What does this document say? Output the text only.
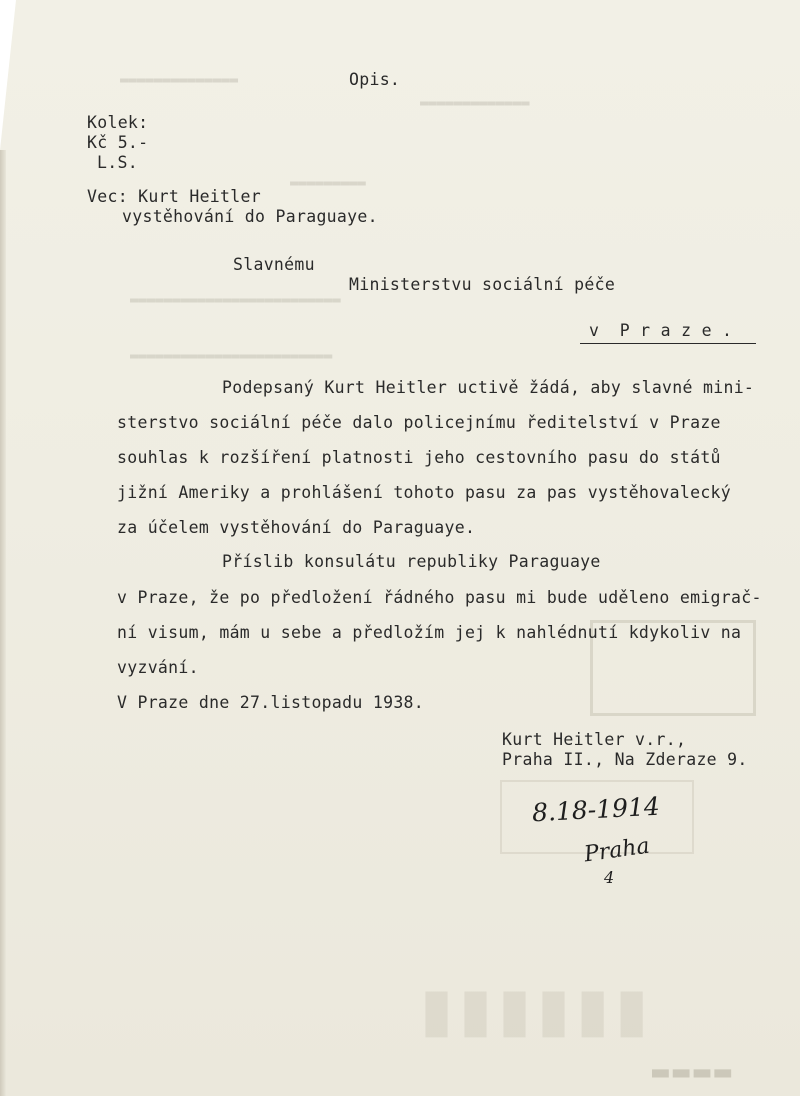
▬▬▬▬▬▬▬▬▬▬▬▬▬▬
▬▬▬▬▬▬▬▬▬▬▬▬▬
▬▬▬▬▬▬▬▬▬
▬▬▬▬▬▬▬▬▬▬▬▬▬▬▬▬▬▬▬▬▬▬▬▬▬
▬▬▬▬▬▬▬▬▬▬▬▬▬▬▬▬▬▬▬▬▬▬▬▬
▮▮▮▮▮▮
▬▬▬▬
Opis.
Kolek:
Kč 5.-
L.S.
Vec: Kurt Heitler
vystěhování do Paraguaye.
Slavnému
Ministerstvu sociální péče
v  P r a z e .
Podepsaný Kurt Heitler uctivě žádá, aby slavné mini-
sterstvo sociální péče dalo policejnímu ředitelství v Praze
souhlas k rozšíření platnosti jeho cestovního pasu do států
jižní Ameriky a prohlášení tohoto pasu za pas vystěhovalecký
za účelem vystěhování do Paraguaye.
Příslib konsulátu republiky Paraguaye
v Praze, že po předložení řádného pasu mi bude uděleno emigrač-
ní visum, mám u sebe a předložím jej k nahlédnutí kdykoliv na
vyzvání.
V Praze dne 27.listopadu 1938.
Kurt Heitler v.r.,
Praha II., Na Zderaze 9.
8.18-1914
Praha
4
